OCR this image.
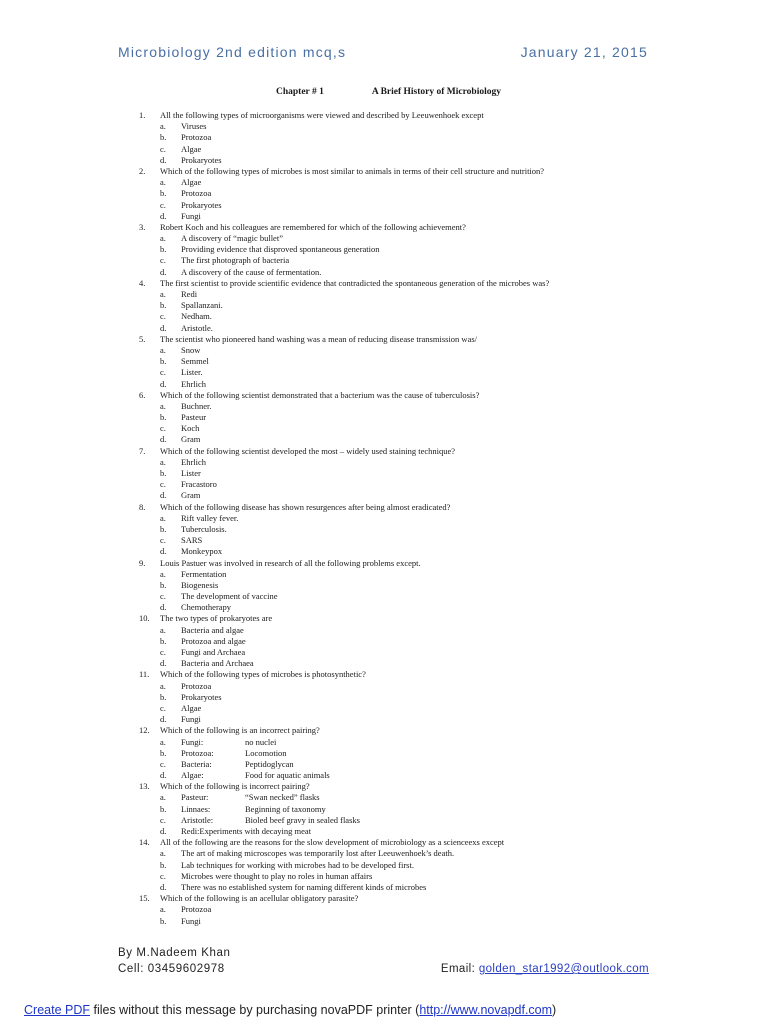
Microbiology 2nd edition mcq,s	January 21, 2015
Chapter # 1	A Brief History of Microbiology
1. All the following types of microorganisms were viewed and described by Leeuwenhoek except
a. Viruses
b. Protozoa
c. Algae
d. Prokaryotes
2. Which of the following types of microbes is most similar to animals in terms of their cell structure and nutrition?
a. Algae
b. Protozoa
c. Prokaryotes
d. Fungi
3. Robert Koch and his colleagues are remembered for which of the following achievement?
a. A discovery of “magic bullet”
b. Providing evidence that disproved spontaneous generation
c. The first photograph of bacteria
d. A discovery of the cause of fermentation.
4. The first scientist to provide scientific evidence that contradicted the spontaneous generation of the microbes was?
a. Redi
b. Spallanzani.
c. Nedham.
d. Aristotle.
5. The scientist who pioneered hand washing was a mean of reducing disease transmission was/
a. Snow
b. Semmel
c. Lister.
d. Ehrlich
6. Which of the following scientist demonstrated that a bacterium was the cause of tuberculosis?
a. Buchner.
b. Pasteur
c. Koch
d. Gram
7. Which of the following scientist developed the most – widely used staining technique?
a. Ehrlich
b. Lister
c. Fracastoro
d. Gram
8. Which of the following disease has shown resurgences after being almost eradicated?
a. Rift valley fever.
b. Tuberculosis.
c. SARS
d. Monkeypox
9. Louis Pastuer was involved in research of all the following problems except.
a. Fermentation
b. Biogenesis
c. The development of vaccine
d. Chemotherapy
10. The two types of prokaryotes are
a. Bacteria and algae
b. Protozoa and algae
c. Fungi and Archaea
d. Bacteria and Archaea
11. Which of the following types of microbes is photosynthetic?
a. Protozoa
b. Prokaryotes
c. Algae
d. Fungi
12. Which of the following is an incorrect pairing?
a. Fungi:	no nuclei
b. Protozoa:	Locomotion
c. Bacteria:	Peptidoglycan
d. Algae:	Food for aquatic animals
13. Which of the following is incorrect pairing?
a. Pasteur:	“Swan necked” flasks
b. Linnaes:	Beginning of taxonomy
c. Aristotle:	Bioled beef gravy in sealed flasks
d. Redi:Experiments with decaying meat
14. All of the following are the reasons for the slow development of microbiology as a scienceexs except
a. The art of making microscopes was temporarily lost after Leeuwenhoek’s death.
b. Lab techniques for working with microbes had to be developed first.
c. Microbes were thought to play no roles in human affairs
d. There was no established system for naming different kinds of microbes
15. Which of the following is an acellular obligatory parasite?
a. Protozoa
b. Fungi
By M.Nadeem Khan
Cell: 03459602978	Email: golden_star1992@outlook.com
Create PDF files without this message by purchasing novaPDF printer (http://www.novapdf.com)
